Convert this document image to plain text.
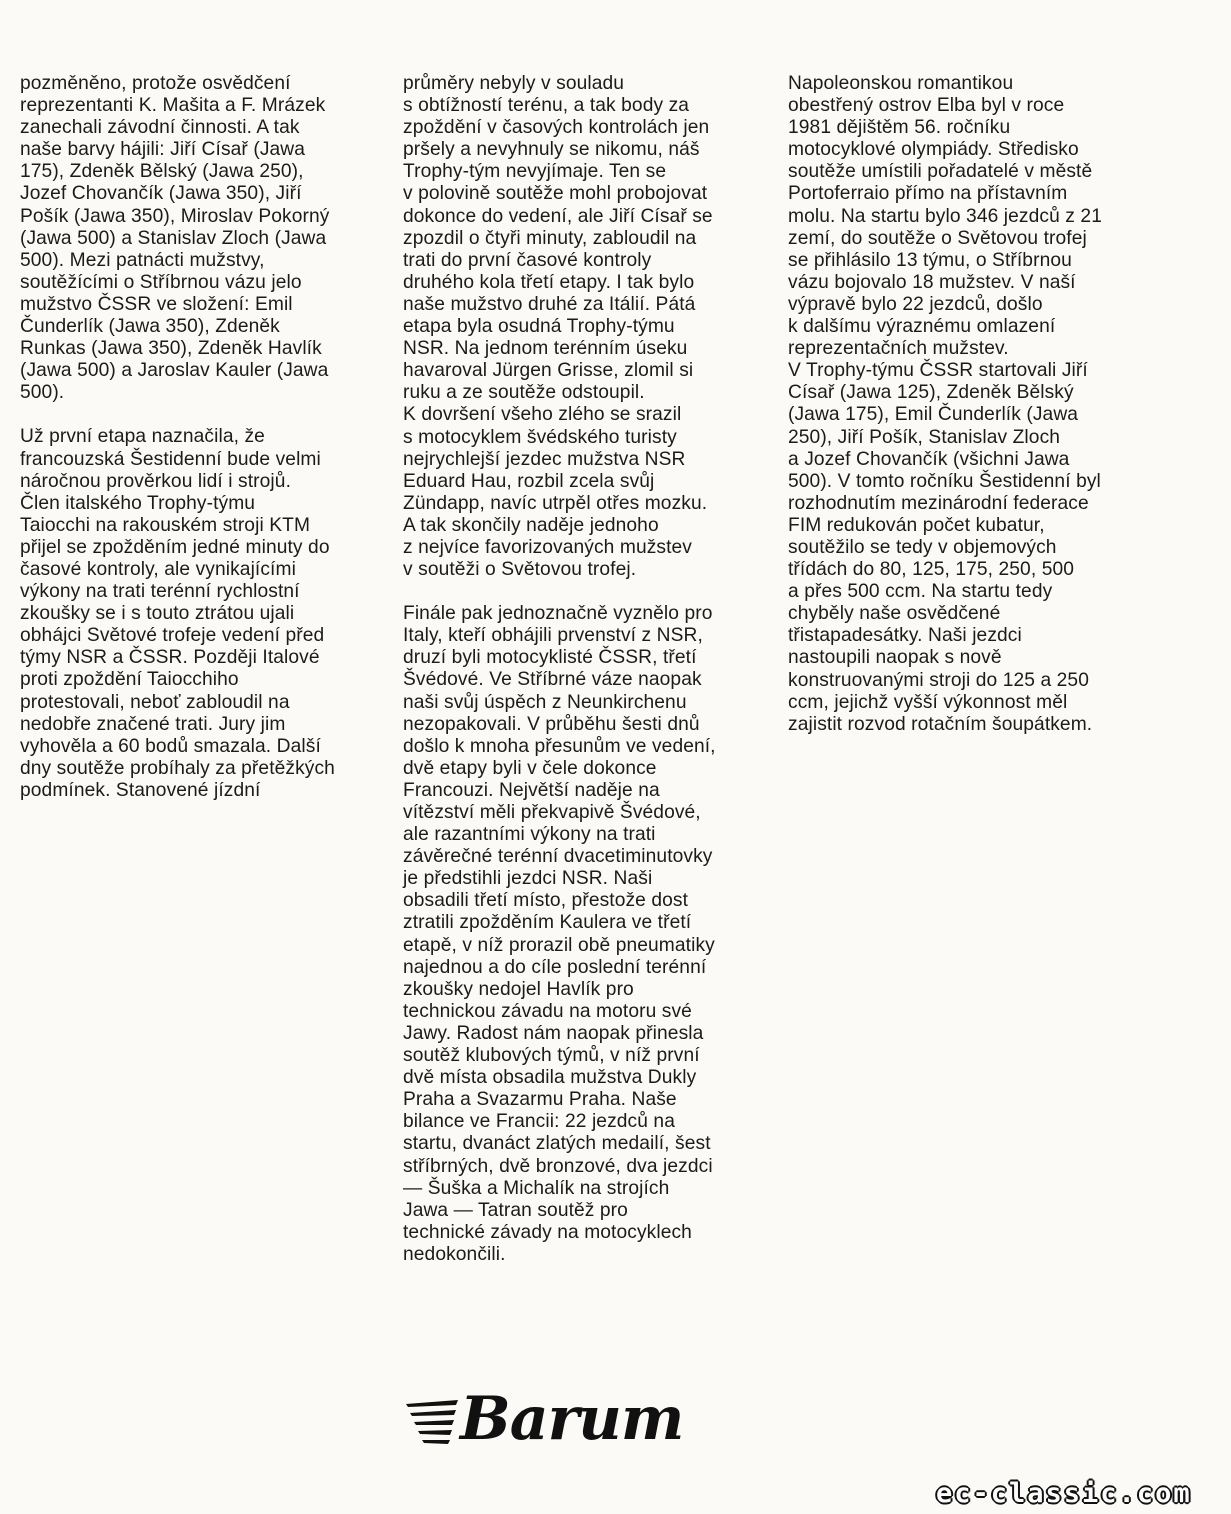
pozměněno, protože osvědčení
reprezentanti K. Mašita a F. Mrázek
zanechali závodní činnosti. A tak
naše barvy hájili: Jiří Císař (Jawa
175), Zdeněk Bělský (Jawa 250),
Jozef Chovančík (Jawa 350), Jiří
Pošík (Jawa 350), Miroslav Pokorný
(Jawa 500) a Stanislav Zloch (Jawa
500). Mezi patnácti mužstvy,
soutěžícími o Stříbrnou vázu jelo
mužstvo ČSSR ve složení: Emil
Čunderlík (Jawa 350), Zdeněk
Runkas (Jawa 350), Zdeněk Havlík
(Jawa 500) a Jaroslav Kauler (Jawa
500).

Už první etapa naznačila, že
francouzská Šestidenní bude velmi
náročnou prověrkou lidí i strojů.
Člen italského Trophy-týmu
Taiocchi na rakouském stroji KTM
přijel se zpožděním jedné minuty do
časové kontroly, ale vynikajícími
výkony na trati terénní rychlostní
zkoušky se i s touto ztrátou ujali
obhájci Světové trofeje vedení před
týmy NSR a ČSSR. Později Italové
proti zpoždění Taiocchiho
protestovali, neboť zabloudil na
nedobře značené trati. Jury jim
vyhověla a 60 bodů smazala. Další
dny soutěže probíhaly za přetěžkých
podmínek. Stanovené jízdní

průměry nebyly v souladu
s obtížností terénu, a tak body za
zpoždění v časových kontrolách jen
pršely a nevyhnuly se nikomu, náš
Trophy-tým nevyjímaje. Ten se
v polovině soutěže mohl probojovat
dokonce do vedení, ale Jiří Císař se
zpozdil o čtyři minuty, zabloudil na
trati do první časové kontroly
druhého kola třetí etapy. I tak bylo
naše mužstvo druhé za Itálií. Pátá
etapa byla osudná Trophy-týmu
NSR. Na jednom terénním úseku
havaroval Jürgen Grisse, zlomil si
ruku a ze soutěže odstoupil.
K dovršení všeho zlého se srazil
s motocyklem švédského turisty
nejrychlejší jezdec mužstva NSR
Eduard Hau, rozbil zcela svůj
Zündapp, navíc utrpěl otřes mozku.
A tak skončily naděje jednoho
z nejvíce favorizovaných mužstev
v soutěži o Světovou trofej.

Finále pak jednoznačně vyznělo pro
Italy, kteří obhájili prvenství z NSR,
druzí byli motocyklisté ČSSR, třetí
Švédové. Ve Stříbrné váze naopak
naši svůj úspěch z Neunkirchenu
nezopakovali. V průběhu šesti dnů
došlo k mnoha přesunům ve vedení,
dvě etapy byli v čele dokonce
Francouzi. Největší naděje na
vítězství měli překvapivě Švédové,
ale razantními výkony na trati
závěrečné terénní dvacetiminutovky
je předstihli jezdci NSR. Naši
obsadili třetí místo, přestože dost
ztratili zpožděním Kaulera ve třetí
etapě, v níž prorazil obě pneumatiky
najednou a do cíle poslední terénní
zkoušky nedojel Havlík pro
technickou závadu na motoru své
Jawy. Radost nám naopak přinesla
soutěž klubových týmů, v níž první
dvě místa obsadila mužstva Dukly
Praha a Svazarmu Praha. Naše
bilance ve Francii: 22 jezdců na
startu, dvanáct zlatých medailí, šest
stříbrných, dvě bronzové, dva jezdci
— Šuška a Michalík na strojích
Jawa — Tatran soutěž pro
technické závady na motocyklech
nedokončili.

Napoleonskou romantikou
obestřený ostrov Elba byl v roce
1981 dějištěm 56. ročníku
motocyklové olympiády. Středisko
soutěže umístili pořadatelé v městě
Portoferraio přímo na přístavním
molu. Na startu bylo 346 jezdců z 21
zemí, do soutěže o Světovou trofej
se přihlásilo 13 týmu, o Stříbrnou
vázu bojovalo 18 mužstev. V naší
výpravě bylo 22 jezdců, došlo
k dalšímu výraznému omlazení
reprezentačních mužstev.
V Trophy-týmu ČSSR startovali Jiří
Císař (Jawa 125), Zdeněk Bělský
(Jawa 175), Emil Čunderlík (Jawa
250), Jiří Pošík, Stanislav Zloch
a Jozef Chovančík (všichni Jawa
500). V tomto ročníku Šestidenní byl
rozhodnutím mezinárodní federace
FIM redukován počet kubatur,
soutěžilo se tedy v objemových
třídách do 80, 125, 175, 250, 500
a přes 500 ccm. Na startu tedy
chyběly naše osvědčené
třistapadesátky. Naši jezdci
nastoupili naopak s nově
konstruovanými stroji do 125 a 250
ccm, jejichž vyšší výkonnost měl
zajistit rozvod rotačním šoupátkem.

Barum
ec-classic.com
